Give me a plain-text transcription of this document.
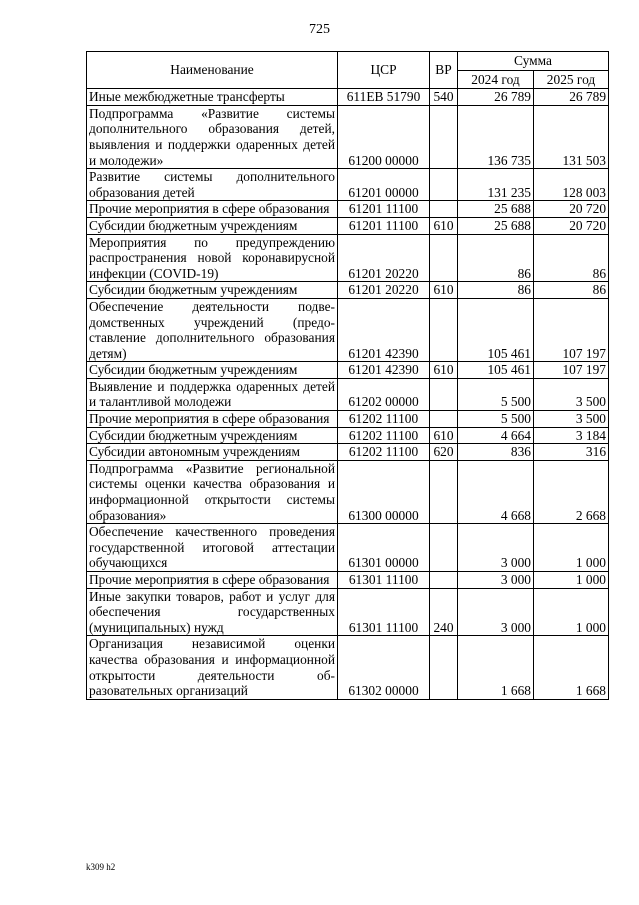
725
Наименование	ЦСР	ВР	Сумма	
			2024 год	2025 год
Иные межбюджетные трансферты	611ЕВ 51790	540	26 789	26 789
Подпрограмма «Развитие системы дополнительного образования детей, выявления и поддержки одаренных детей и молодежи»	61200 00000		136 735	131 503
Развитие системы дополнительного образования детей	61201 00000		131 235	128 003
Прочие мероприятия в сфере образования	61201 11100		25 688	20 720
Субсидии бюджетным учреждениям	61201 11100	610	25 688	20 720
Мероприятия по предупреждению распространения новой коронавирусной инфекции (COVID-19)	61201 20220		86	86
Субсидии бюджетным учреждениям	61201 20220	610	86	86
Обеспечение деятельности подведомственных учреждений (предоставление дополнительного образования детям)	61201 42390		105 461	107 197
Субсидии бюджетным учреждениям	61201 42390	610	105 461	107 197
Выявление и поддержка одаренных детей и талантливой молодежи	61202 00000		5 500	3 500
Прочие мероприятия в сфере образования	61202 11100		5 500	3 500
Субсидии бюджетным учреждениям	61202 11100	610	4 664	3 184
Субсидии автономным учреждениям	61202 11100	620	836	316
Подпрограмма «Развитие региональной системы оценки качества образования и информационной открытости системы образования»	61300 00000		4 668	2 668
Обеспечение качественного проведения государственной итоговой аттестации обучающихся	61301 00000		3 000	1 000
Прочие мероприятия в сфере образования	61301 11100		3 000	1 000
Иные закупки товаров, работ и услуг для обеспечения государственных (муниципальных) нужд	61301 11100	240	3 000	1 000
Организация независимой оценки качества образования и информационной открытости деятельности образовательных организаций	61302 00000		1 668	1 668
k309 h2
